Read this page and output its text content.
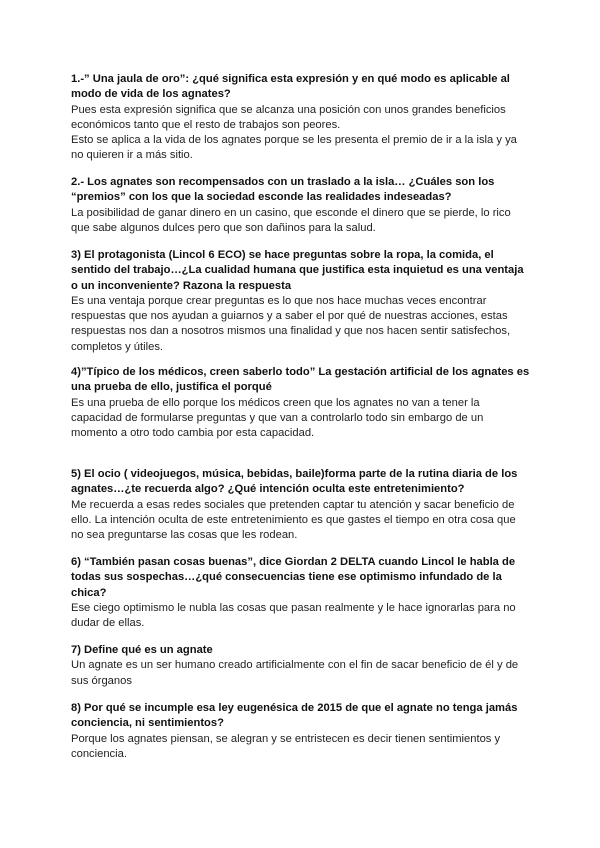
1.-” Una jaula de oro”: ¿qué significa esta expresión y en qué modo es aplicable al modo de vida de los agnates?

Pues esta expresión significa que se alcanza una posición con unos grandes beneficios económicos tanto que el resto de trabajos son peores.
Esto se aplica a la vida de los agnates porque se les presenta el premio de ir a la isla y ya no quieren ir a más sitio.

2.- Los agnates son recompensados con un traslado a la isla… ¿Cuáles son los “premios” con los que la sociedad esconde las realidades indeseadas?

La posibilidad de ganar dinero en un casino, que esconde el dinero que se pierde, lo rico que sabe algunos dulces pero que son dañinos para la salud.

3) El protagonista (Lincol 6 ECO) se hace preguntas sobre la ropa, la comida, el sentido del trabajo…¿La cualidad humana que justifica esta inquietud es una ventaja o un inconveniente? Razona la respuesta

Es una ventaja porque crear preguntas es lo que nos hace muchas veces encontrar respuestas que nos ayudan a guiarnos y a saber el por qué de nuestras acciones, estas respuestas nos dan a nosotros mismos una finalidad y que nos hacen sentir satisfechos, completos y útiles.

4)”Típico de los médicos, creen saberlo todo” La gestación artificial de los agnates es una prueba de ello, justifica el porqué

Es una prueba de ello porque los médicos creen que los agnates no van a tener la capacidad de formularse preguntas y que van a controlarlo todo sin embargo de un momento a otro todo cambia por esta capacidad.

5) El ocio ( videojuegos, música, bebidas, baile)forma parte de la rutina diaria de los agnates…¿te recuerda algo? ¿Qué intención oculta este entretenimiento?

Me recuerda a esas redes sociales que pretenden captar tu atención y sacar beneficio de ello. La intención oculta de este entretenimiento es que gastes el tiempo en otra cosa que no sea preguntarse las cosas que les rodean.

6) “También pasan cosas buenas”, dice Giordan 2 DELTA cuando Lincol le habla de todas sus sospechas…¿qué consecuencias tiene ese optimismo infundado de la chica?

Ese ciego optimismo le nubla las cosas que pasan realmente y le hace ignorarlas para no dudar de ellas.

7) Define qué es un agnate

Un agnate es un ser humano creado artificialmente con el fin de sacar beneficio de él y de sus órganos

8) Por qué se incumple esa ley eugenésica de 2015 de que el agnate no tenga jamás conciencia, ni sentimientos?

Porque los agnates piensan, se alegran y se entristecen es decir tienen sentimientos y conciencia.
